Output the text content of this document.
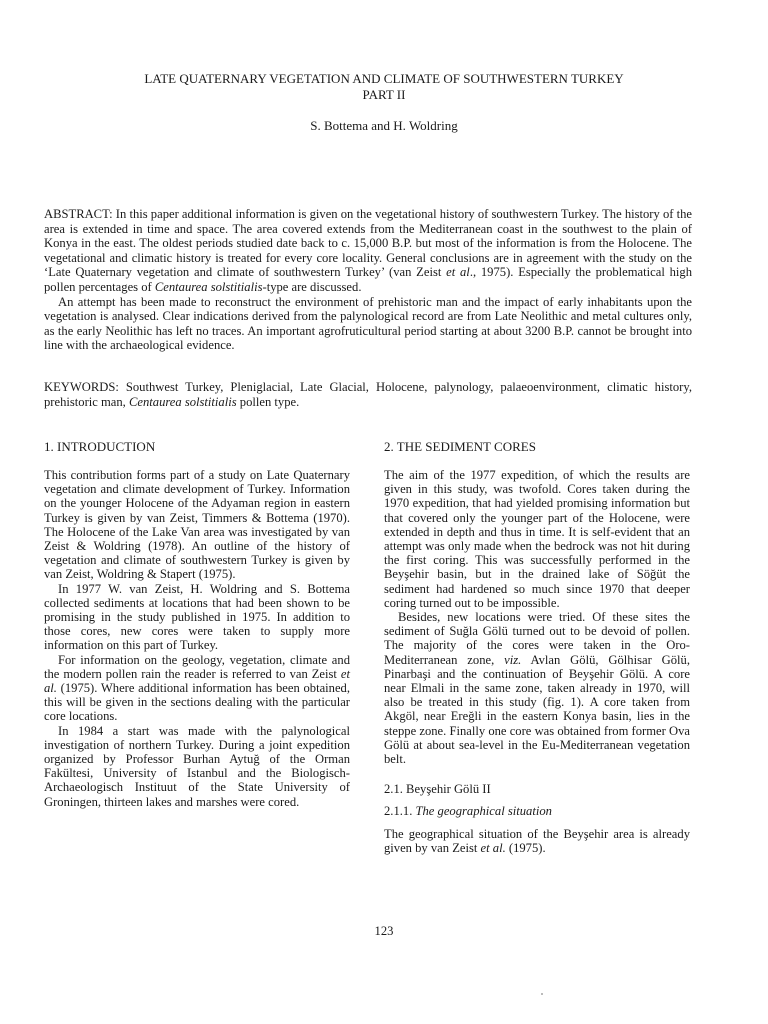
LATE QUATERNARY VEGETATION AND CLIMATE OF SOUTHWESTERN TURKEY
PART II
S. Bottema and H. Woldring

ABSTRACT: In this paper additional information is given on the vegetational history of southwestern Turkey. The history of the area is extended in time and space. The area covered extends from the Mediterranean coast in the southwest to the plain of Konya in the east. The oldest periods studied date back to c. 15,000 B.P. but most of the information is from the Holocene. The vegetational and climatic history is treated for every core locality. General conclusions are in agreement with the study on the ‘Late Quaternary vegetation and climate of southwestern Turkey’ (van Zeist et al., 1975). Especially the problematical high pollen percentages of Centaurea solstitialis-type are discussed.

An attempt has been made to reconstruct the environment of prehistoric man and the impact of early inhabitants upon the vegetation is analysed. Clear indications derived from the palynological record are from Late Neolithic and metal cultures only, as the early Neolithic has left no traces. An important agrofruticultural period starting at about 3200 B.P. cannot be brought into line with the archaeological evidence.

KEYWORDS: Southwest Turkey, Pleniglacial, Late Glacial, Holocene, palynology, palaeoenvironment, climatic history, prehistoric man, Centaurea solstitialis pollen type.
1. INTRODUCTION

This contribution forms part of a study on Late Quaternary vegetation and climate development of Turkey. Information on the younger Holocene of the Adyaman region in eastern Turkey is given by van Zeist, Timmers & Bottema (1970). The Holocene of the Lake Van area was investigated by van Zeist & Woldring (1978). An outline of the history of vegetation and climate of southwestern Turkey is given by van Zeist, Woldring & Stapert (1975).

In 1977 W. van Zeist, H. Woldring and S. Bottema collected sediments at locations that had been shown to be promising in the study published in 1975. In addition to those cores, new cores were taken to supply more information on this part of Turkey.

For information on the geology, vegetation, climate and the modern pollen rain the reader is referred to van Zeist et al. (1975). Where additional information has been obtained, this will be given in the sections dealing with the particular core locations.

In 1984 a start was made with the palynological investigation of northern Turkey. During a joint expedition organized by Professor Burhan Aytuğ of the Orman Fakültesi, University of Istanbul and the Biologisch-Archaeologisch Instituut of the State University of Groningen, thirteen lakes and marshes were cored.

2. THE SEDIMENT CORES

The aim of the 1977 expedition, of which the results are given in this study, was twofold. Cores taken during the 1970 expedition, that had yielded promising information but that covered only the younger part of the Holocene, were extended in depth and thus in time. It is self-evident that an attempt was only made when the bedrock was not hit during the first coring. This was successfully performed in the Beyşehir basin, but in the drained lake of Söğüt the sediment had hardened so much since 1970 that deeper coring turned out to be impossible.

Besides, new locations were tried. Of these sites the sediment of Suğla Gölü turned out to be devoid of pollen. The majority of the cores were taken in the Oro-Mediterranean zone, viz. Avlan Gölü, Gölhisar Gölü, Pinarbaşi and the continuation of Beyşehir Gölü. A core near Elmali in the same zone, taken already in 1970, will also be treated in this study (fig. 1). A core taken from Akgöl, near Ereğli in the eastern Konya basin, lies in the steppe zone. Finally one core was obtained from former Ova Gölü at about sea-level in the Eu-Mediterranean vegetation belt.

2.1. Beyşehir Gölü II
2.1.1. The geographical situation

The geographical situation of the Beyşehir area is already given by van Zeist et al. (1975).

123
